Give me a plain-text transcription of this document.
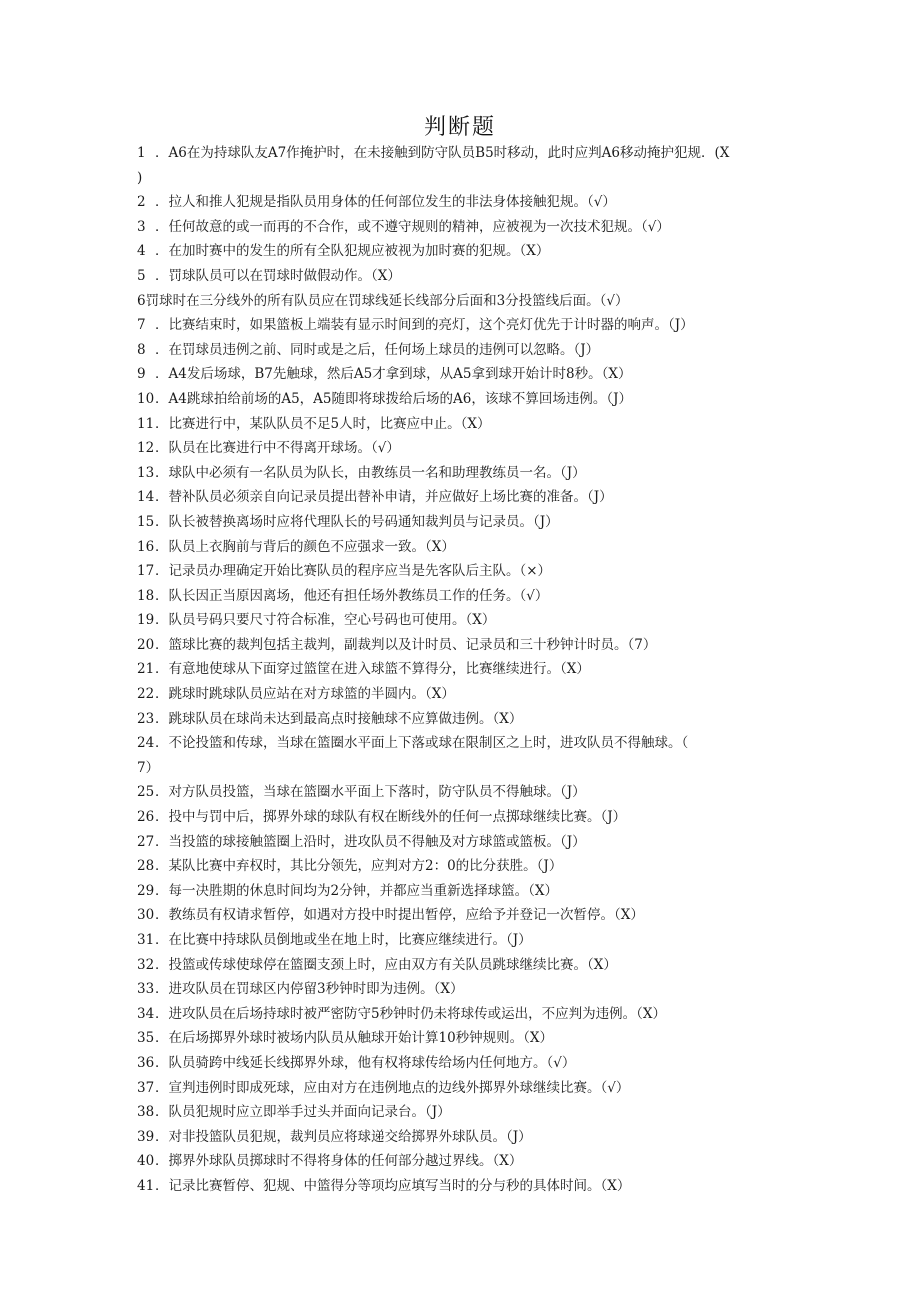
判断题
1 ．A6在为持球队友A7作掩护时，在未接触到防守队员B5时移动，此时应判A6移动掩护犯规．(X
)
2 ．拉人和推人犯规是指队员用身体的任何部位发生的非法身体接触犯规。（√）
3 ．任何故意的或一而再的不合作，或不遵守规则的精神，应被视为一次技术犯规。（√）
4 ．在加时赛中的发生的所有全队犯规应被视为加时赛的犯规。（X）
5 ．罚球队员可以在罚球时做假动作。（X）
6罚球时在三分线外的所有队员应在罚球线延长线部分后面和3分投篮线后面。（√）
7 ．比赛结束时，如果篮板上端装有显示时间到的亮灯，这个亮灯优先于计时器的响声。（J）
8 ．在罚球员违例之前、同时或是之后，任何场上球员的违例可以忽略。（J）
9 ．A4发后场球，B7先触球，然后A5才拿到球，从A5拿到球开始计时8秒。（X）
10．A4跳球拍给前场的A5，A5随即将球拨给后场的A6，该球不算回场违例。（J）
11．比赛进行中，某队队员不足5人时，比赛应中止。（X）
12．队员在比赛进行中不得离开球场。（√）
13．球队中必须有一名队员为队长，由教练员一名和助理教练员一名。（J）
14．替补队员必须亲自向记录员提出替补申请，并应做好上场比赛的准备。（J）
15．队长被替换离场时应将代理队长的号码通知裁判员与记录员。（J）
16．队员上衣胸前与背后的颜色不应强求一致。（X）
17．记录员办理确定开始比赛队员的程序应当是先客队后主队。（×）
18．队长因正当原因离场，他还有担任场外教练员工作的任务。（√）
19．队员号码只要尺寸符合标准，空心号码也可使用。（X）
20．篮球比赛的裁判包括主裁判，副裁判以及计时员、记录员和三十秒钟计时员。（7）
21．有意地使球从下面穿过篮筐在进入球篮不算得分，比赛继续进行。（X）
22．跳球时跳球队员应站在对方球篮的半圆内。（X）
23．跳球队员在球尚未达到最高点时接触球不应算做违例。（X）
24．不论投篮和传球，当球在篮圈水平面上下落或球在限制区之上时，进攻队员不得触球。（
7）
25．对方队员投篮，当球在篮圈水平面上下落时，防守队员不得触球。（J）
26．投中与罚中后，掷界外球的球队有权在断线外的任何一点掷球继续比赛。（J）
27．当投篮的球接触篮圈上沿时，进攻队员不得触及对方球篮或篮板。（J）
28．某队比赛中弃权时，其比分领先，应判对方2：0的比分获胜。（J）
29．每一决胜期的休息时间均为2分钟，并都应当重新选择球篮。（X）
30．教练员有权请求暂停，如遇对方投中时提出暂停，应给予并登记一次暂停。（X）
31．在比赛中持球队员倒地或坐在地上时，比赛应继续进行。（J）
32．投篮或传球使球停在篮圈支颈上时，应由双方有关队员跳球继续比赛。（X）
33．进攻队员在罚球区内停留3秒钟时即为违例。（X）
34．进攻队员在后场持球时被严密防守5秒钟时仍未将球传或运出，不应判为违例。（X）
35．在后场掷界外球时被场内队员从触球开始计算10秒钟规则。（X）
36．队员骑跨中线延长线掷界外球，他有权将球传给场内任何地方。（√）
37．宣判违例时即成死球，应由对方在违例地点的边线外掷界外球继续比赛。（√）
38．队员犯规时应立即举手过头并面向记录台。（J）
39．对非投篮队员犯规，裁判员应将球递交给掷界外球队员。（J）
40．掷界外球队员掷球时不得将身体的任何部分越过界线。（X）
41．记录比赛暂停、犯规、中篮得分等项均应填写当时的分与秒的具体时间。（X）
